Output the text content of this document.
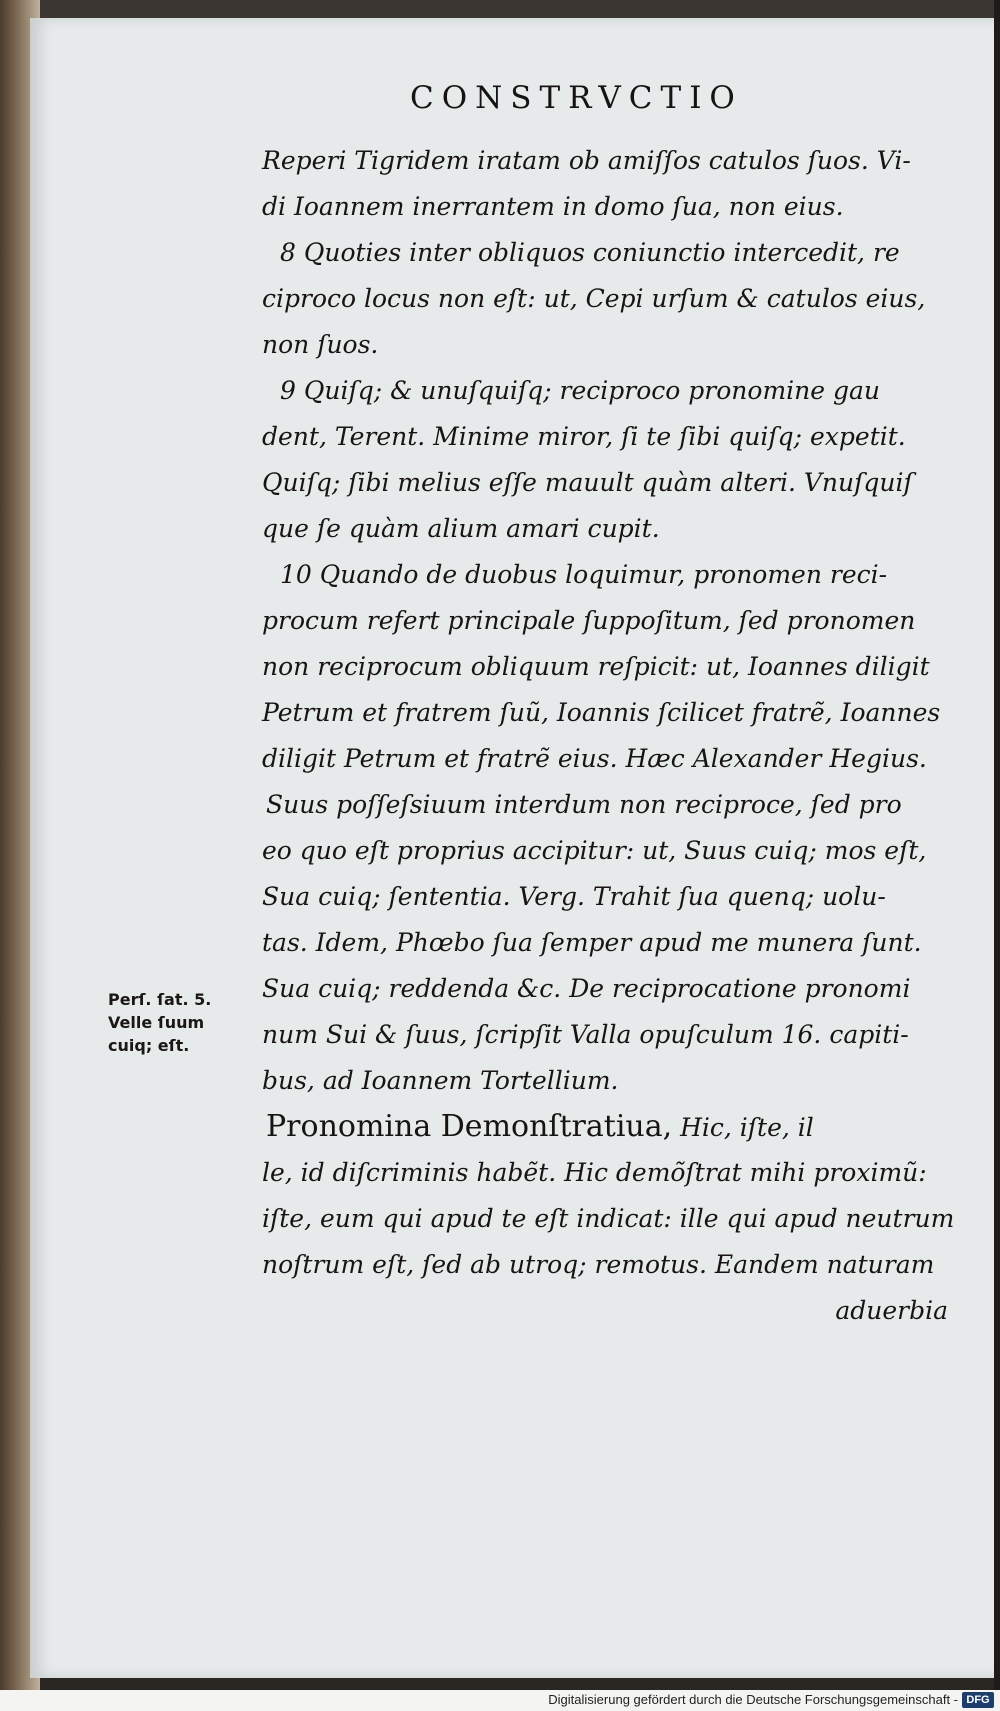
CONSTRVCTIO
Reperi Tigridem iratam ob amiſſos catulos ſuos. Vi‐
di Ioannem inerrantem in domo ſua, non eius.
8 Quoties inter obliquos coniunctio intercedit, re
ciproco locus non eſt: ut, Cepi urſum & catulos eius,
non ſuos.
9 Quiſq; & unuſquiſq; reciproco pronomine gau
dent, Terent. Minime miror, ſi te ſibi quiſq; expetit.
Quiſq; ſibi melius eſſe mauult quàm alteri. Vnuſquiſ
que ſe quàm alium amari cupit.
10 Quando de duobus loquimur, pronomen reci‐
procum refert principale ſuppoſitum, ſed pronomen
non reciprocum obliquum reſpicit: ut, Ioannes diligit
Petrum et fratrem ſuũ, Ioannis ſcilicet fratrẽ, Ioannes
diligit Petrum et fratrẽ eius. Hæc Alexander Hegius.
Suus poſſeſsiuum interdum non reciproce, ſed pro
eo quo eſt proprius accipitur: ut, Suus cuiq; mos eſt,
Sua cuiq; ſententia. Verg. Trahit ſua quenq; uolu‐
tas. Idem, Phœbo ſua ſemper apud me munera ſunt.
Sua cuiq; reddenda &c. De reciprocatione pronomi
num Sui & ſuus, ſcripſit Valla opuſculum 16. capiti‐
bus, ad Ioannem Tortellium.
Pronomina Demonſtratiua, Hic, iſte, il
le, id diſcriminis habẽt. Hic demõſtrat mihi proximũ:
iſte, eum qui apud te eſt indicat: ille qui apud neutrum
noſtrum eſt, ſed ab utroq; remotus. Eandem naturam
aduerbia
Perſ. ſat. 5.
Velle ſuum
cuiq; eſt.
Digitalisierung gefördert durch die Deutsche Forschungsgemeinschaft - DFG
